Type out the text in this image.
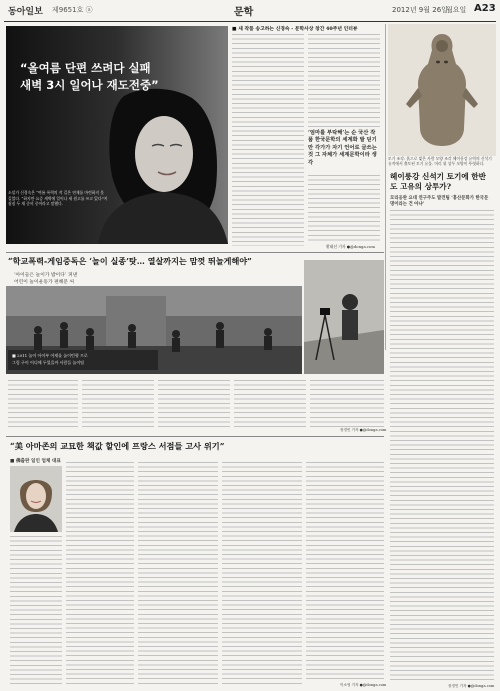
동아일보 제9651호 ⓐ	문학	2012년 9월 26일
월요일 A23
“올여름 단편 쓰려다 실패
새벽 3시 일어나 재도전중”
소설가 신경숙은 “여름 폭력의 작 길은 연재를 마련하지 못 길었다. “하지만 요즘 새벽에 일어나 새 원고를 쓰고 있다”며 짐짐 두 재 준비 중이라고 말했다.
■ 새 작품 송고하는 신경숙 - 문학사상 창간 40주년 인터뷰
‘엄마를 부탁해’는 순 국산 작품 한국문학의 세계화 발 딛기만 각가가 자기 언어로 글쓰는 것 그 자체가 세계문학이라 생각
황태선 기자 ●@donga.com
토기 조각: 흙으로 빚은 사람 모양 조각 헤이룽강 유역의 신석기 유적에서 출토된 토기 유물. 머리 위 상투 모양이 뚜렷하다.
헤이룽강 신석기 토기에 한반도 고유의 상투가?
모리웅완 요대 연구주도 발견팀 ‘홍산문화가 한국문명이라는 건 아냐’
장경민 기자 ●@donga.com
“학교폭력-게임중독은 ‘놀이 실종’탓… 열살까지는 맘껏 뛰놀게해야”
‘아이들은 놀이가 밥이다’ 펴낸
어린이 놀이운동가 편해문 씨
■ 2011 놀이 아이부 어재를 놀이턴형 프로
그림 구이 어디에 두었을까 사람들 놀이팀
장경민 기자 ●@donga.com
“美 아마존의 교묘한 책값 할인에 프랑스 서점들 고사 위기”
■ 佛출판 일인 업체 대표
이소영 기자 ●@donga.com
